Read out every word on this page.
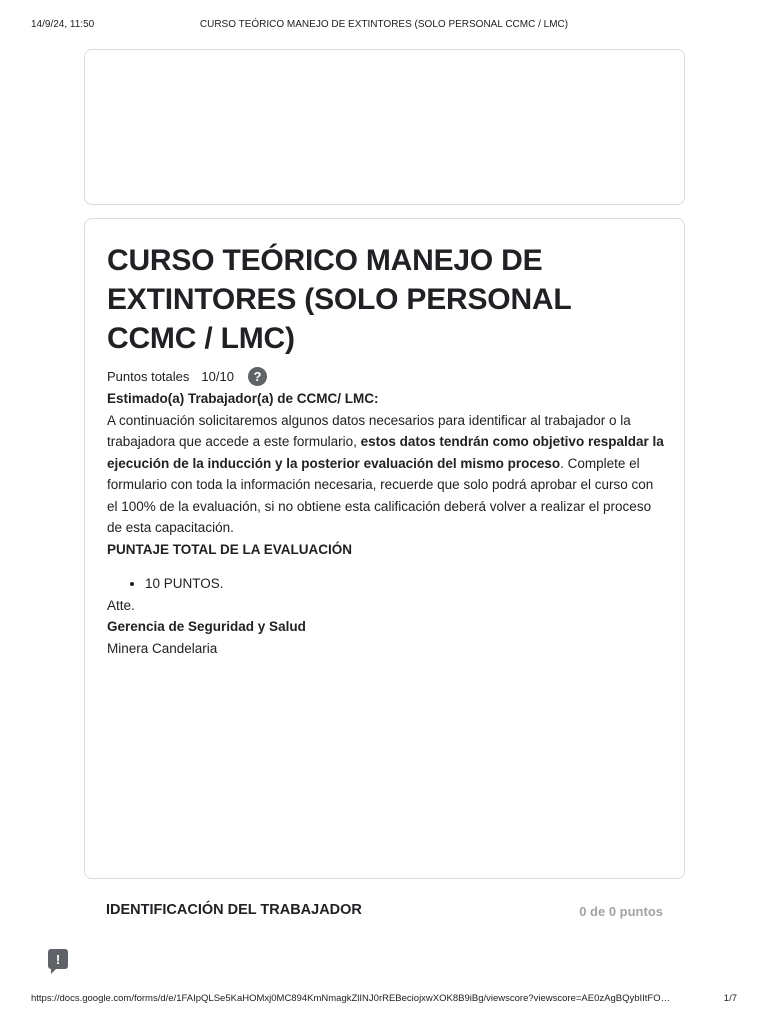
14/9/24, 11:50	CURSO TEÓRICO MANEJO DE EXTINTORES (SOLO PERSONAL CCMC / LMC)
CURSO TEÓRICO MANEJO DE EXTINTORES (SOLO PERSONAL CCMC / LMC)
Puntos totales 10/10	?

Estimado(a) Trabajador(a) de CCMC/ LMC:

A continuación solicitaremos algunos datos necesarios para identificar al trabajador o la trabajadora que accede a este formulario, estos datos tendrán como objetivo respaldar la ejecución de la inducción y la posterior evaluación del mismo proceso. Complete el formulario con toda la información necesaria, recuerde que solo podrá aprobar el curso con el 100% de la evaluación, si no obtiene esta calificación deberá volver a realizar el proceso de esta capacitación.

PUNTAJE TOTAL DE LA EVALUACIÓN

• 10 PUNTOS.

Atte.

Gerencia de Seguridad y Salud

Minera Candelaria

IDENTIFICACIÓN DEL TRABAJADOR	0 de 0 puntos
!
https://docs.google.com/forms/d/e/1FAIpQLSe5KaHOMxj0MC894KmNmagkZlINJ0rREBeciojxwXOK8B9iBg/viewscore?viewscore=AE0zAgBQybIItFO…	1/7
